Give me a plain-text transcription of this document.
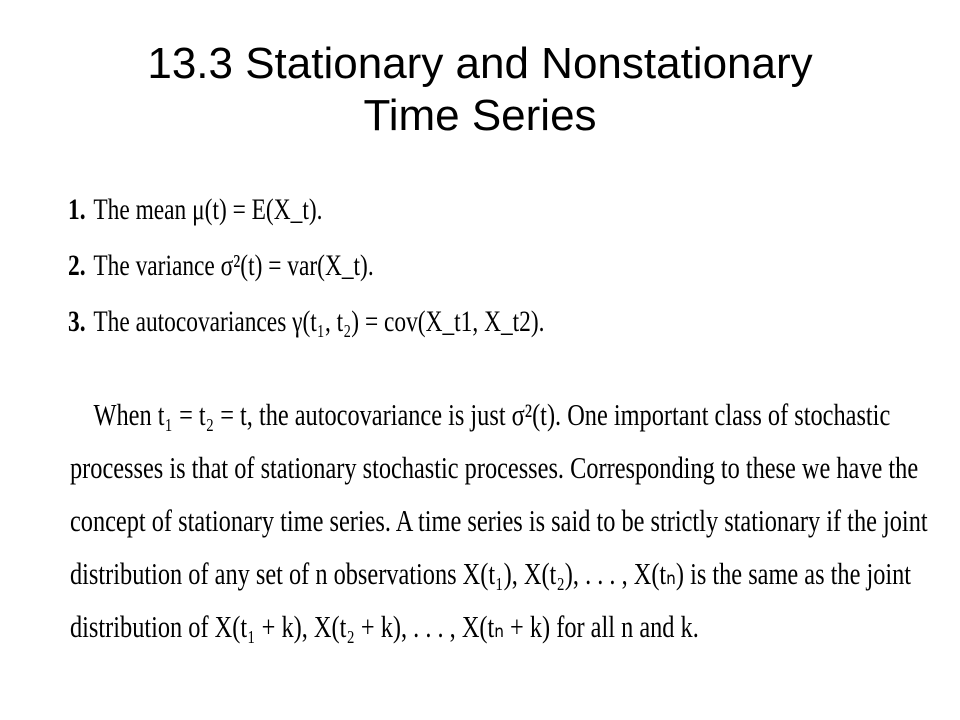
13.3 Stationary and Nonstationary
Time Series
1. The mean μ(t) = E(X_t).
2. The variance σ²(t) = var(X_t).
3. The autocovariances γ(t₁, t₂) = cov(X_t1, X_t2).
When t₁ = t₂ = t, the autocovariance is just σ²(t). One important class of stochastic
processes is that of stationary stochastic processes. Corresponding to these we have the
concept of stationary time series. A time series is said to be strictly stationary if the joint
distribution of any set of n observations X(t₁), X(t₂), . . . , X(tₙ) is the same as the joint
distribution of X(t₁ + k), X(t₂ + k), . . . , X(tₙ + k) for all n and k.
